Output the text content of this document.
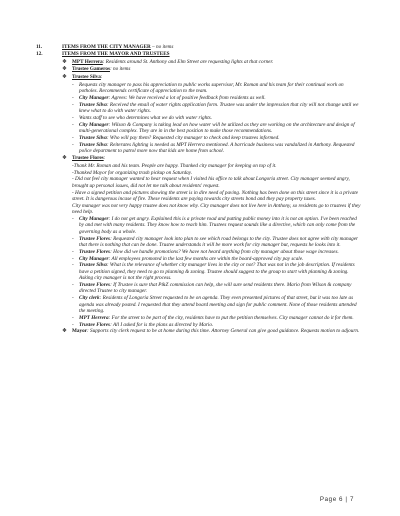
11.	ITEMS FROM THE CITY MANAGER – no items
12.	ITEMS FROM THE MAYOR AND TRUSTEES
❖ MPT Herrera: Residents around St. Anthony and Elm Street are requesting lights at that corner.
❖ Trustee Gameros: no items
❖ Trustee Silva:
-	Requests city manager to pass his appreciation to public works supervisor, Mr. Roman and his team for their continual work on potholes. Recommends certificate of appreciation to the team.
-	City Manager: Agrees: We have received a lot of positive feedback from residents as well.
-	Trustee Silva: Received the email of water rights application form. Trustee was under the impression that city will not change until we knew what to do with water rights.
-	Wants staff to see who determines what we do with water rights.
-	City Manager: Wilson & Company is taking lead on how water will be utilized as they are working on the architecture and design of multi-generational complex. They are in in the best position to make those recommendations.
-	Trustee Silva: Who will pay them? Requested city manager to check and keep trustees informed.
-	Trustee Silva: Reiterates lighting is needed as MPT Herrera mentioned. A barricade business was vandalized in Anthony. Requested police department to patrol more now that kids are home from school.
❖ Trustee Flores:
-Thank Mr. Roman and his team. People are happy. Thanked city manager for keeping on top of it.
-Thanked Mayor for organizing trash pickup on Saturday.
- Did not feel city manager wanted to hear request when I visited his office to talk about Longoria street. City manager seemed angry, brought up personal issues, did not let me talk about residents' request.
- Have a signed petition and pictures showing the street is in dire need of paving. Nothing has been done on this street since it is a private street. It is dangerous incase of fire. These residents are paying towards city streets bond and they pay property taxes.
City manager was not very happy trustee does not know why. City manager does not live here in Anthony, so residents go to trustees if they need help.
-	City Manager: I do not get angry. Explained this is a private road and putting public money into it is not an option. I've been reached by and met with many residents. They know how to reach him. Trustees request sounds like a directive, which can only come from the governing body as a whole.
-	Trustee Flores: Requested city manager look into plan to see which road belongs to the city. Trustee does not agree with city manager that there is nothing that can be done. Trustee understands it will be more work for city manager but, requests he looks into it.
-	Trustee Flores: How did we handle promotions? We have not heard anything from city manager about those wage increases.
-	City Manager: All employees promoted in the last few months are within the board-approved city pay scale.
-	Trustee Silva: What is the relevance of whether city manager lives in the city or not? That was not in the job description. If residents have a petition signed, they need to go to planning & zoning. Trustee should suggest to the group to start with planning & zoning. Asking city manager is not the right process.
-	Trustee Flores: If Trustee is sure that P&Z commission can help, she will sure send residents there. Mario from Wilson & company directed Trustee to city manager.
-	City clerk: Residents of Longoria Street requested to be on agenda. They even presented pictures of that street, but it was too late as agenda was already posted. I requested that they attend board meeting and sign for public comment. None of those residents attended the meeting.
-	MPT Herrera: For the street to be part of the city, residents have to put the petition themselves. City manager cannot do it for them.
-	Trustee Flores: All I asked for is the plans as directed by Mario.
❖ Mayor: Supports city clerk request to be at home during this time. Attorney General can give good guidance. Requests motion to adjourn.
Page 6 | 7
